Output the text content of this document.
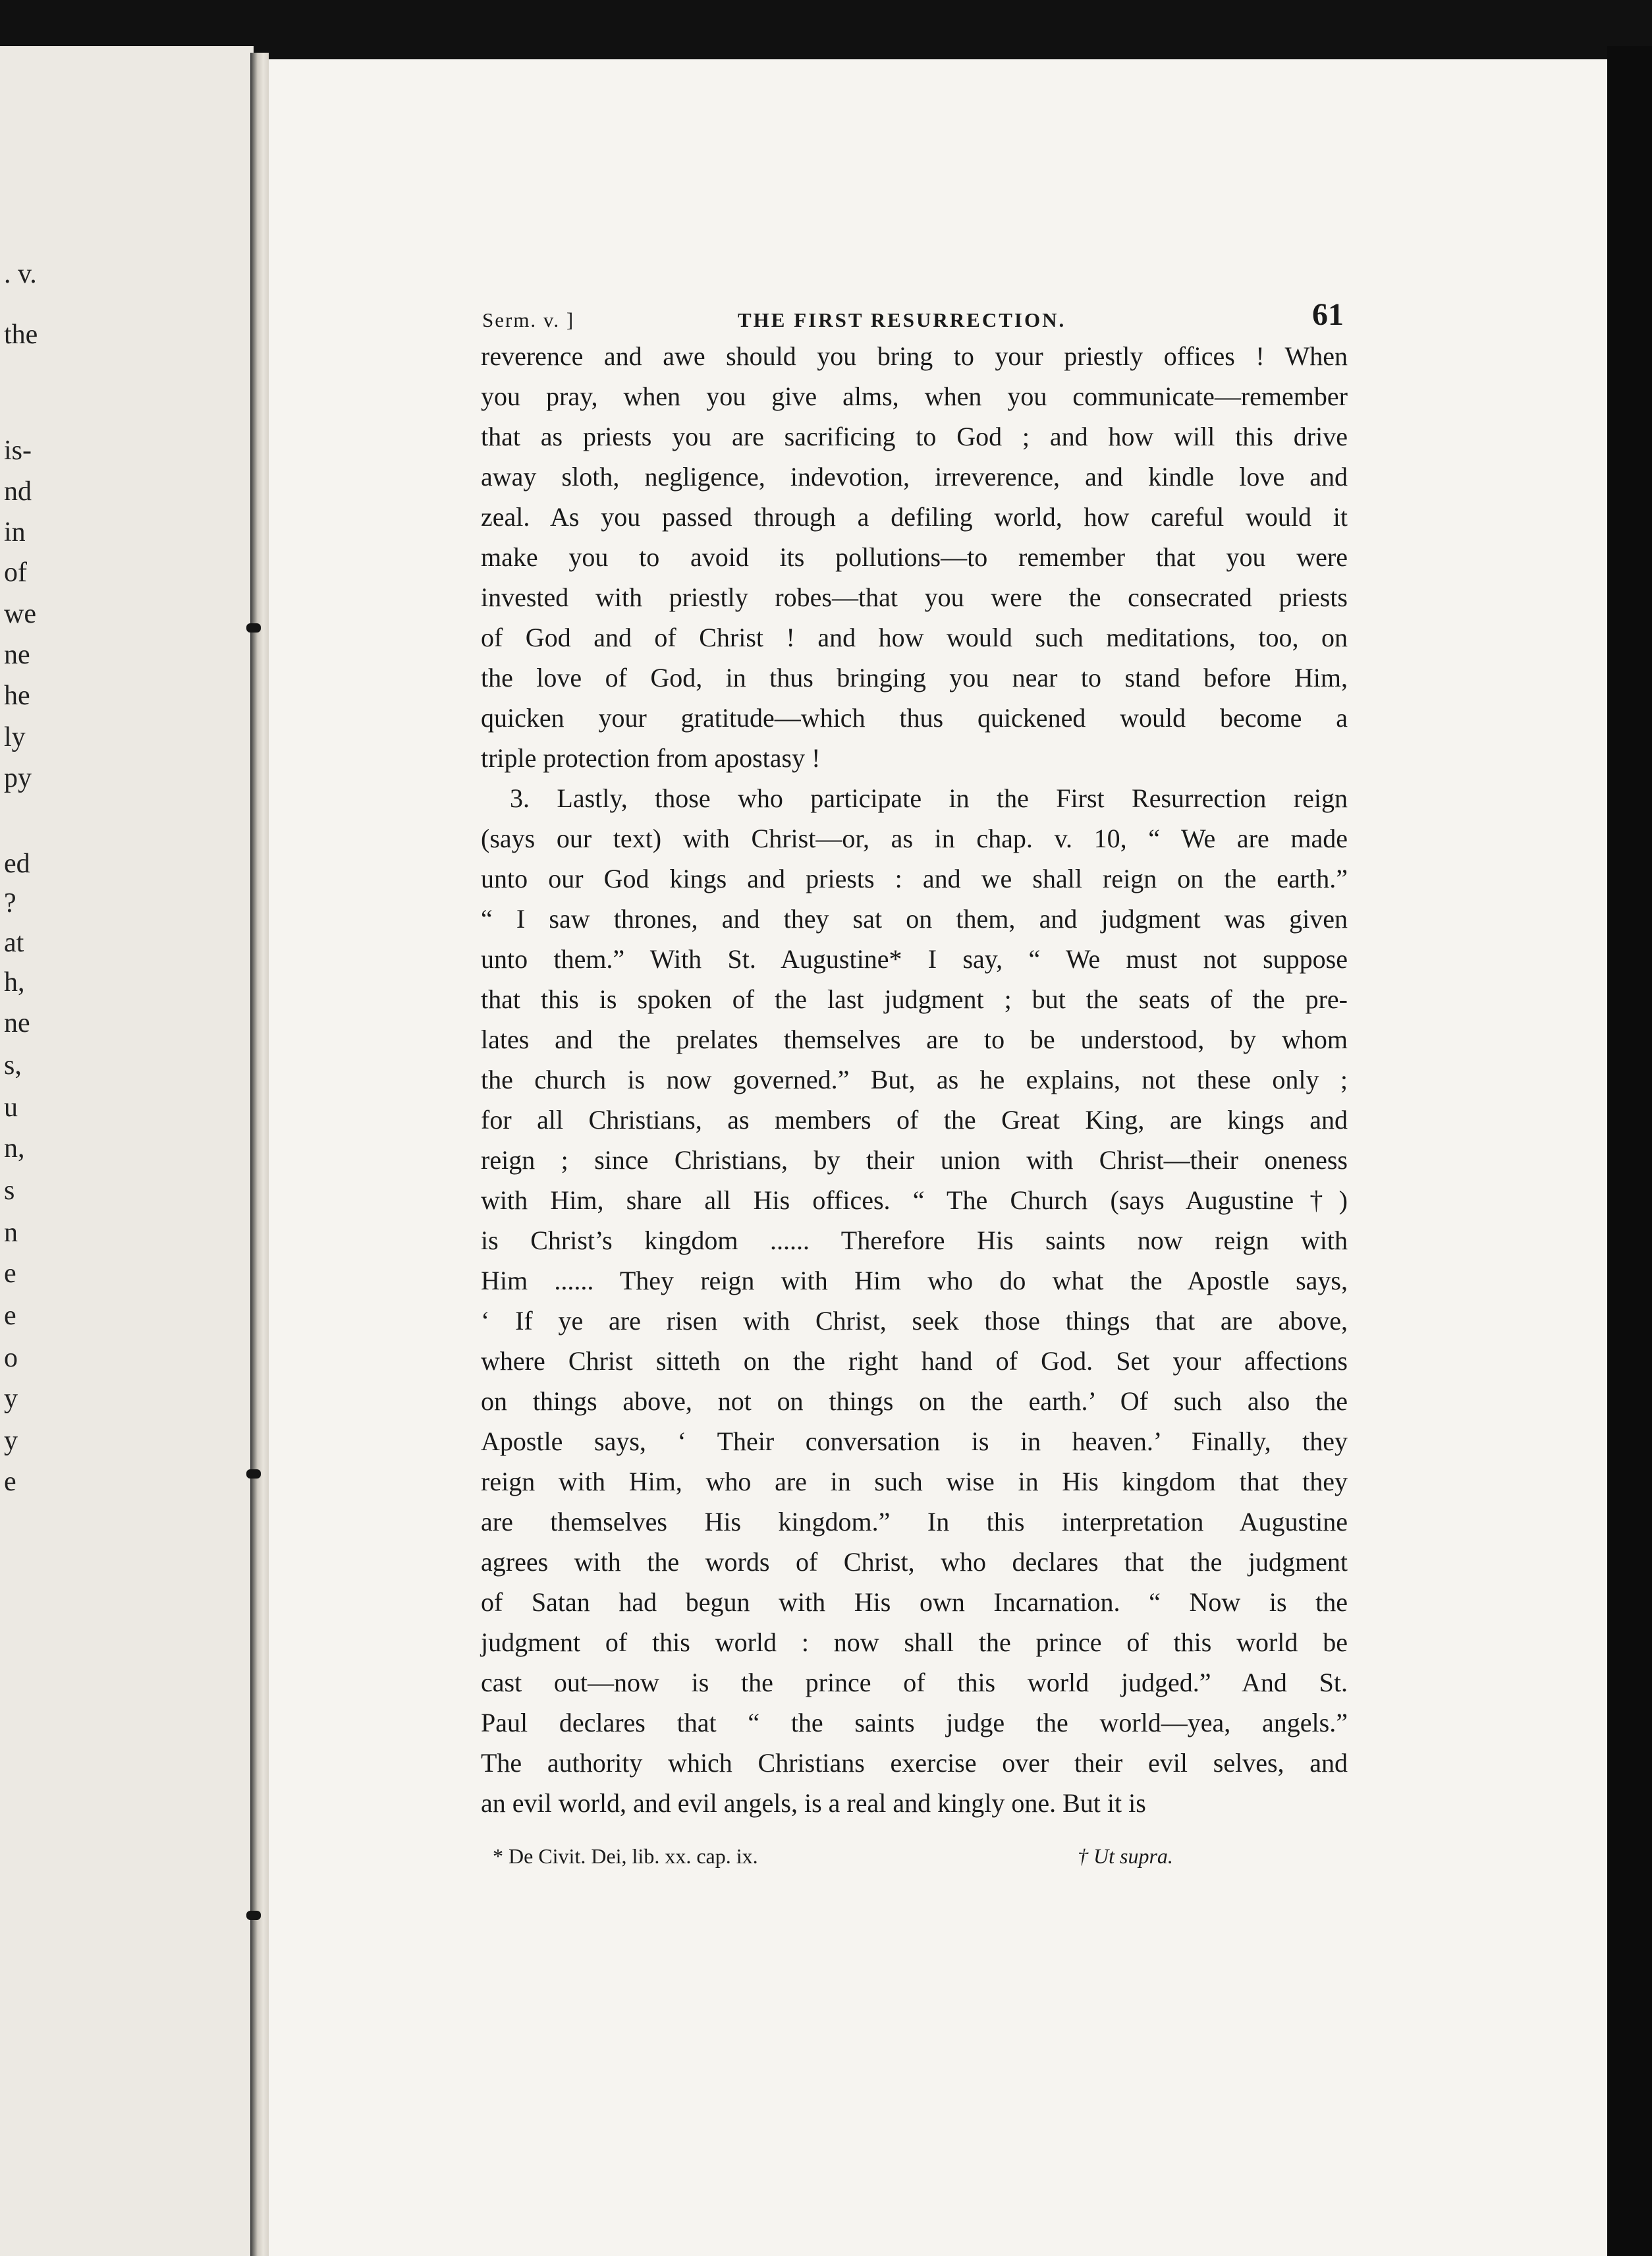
. v.
the
is-
nd
in
of
we
ne
he
ly
py
ed
?
at
h,
ne
s,
u
n,
s
n
e
e
o
y
y
e
Serm. v. ]	THE FIRST RESURRECTION.	61
reverence and awe should you bring to your priestly offices ! When
you pray, when you give alms, when you communicate—remember
that as priests you are sacrificing to God ; and how will this drive
away sloth, negligence, indevotion, irreverence, and kindle love and
zeal. As you passed through a defiling world, how careful would it
make you to avoid its pollutions—to remember that you were
invested with priestly robes—that you were the consecrated priests
of God and of Christ ! and how would such meditations, too, on
the love of God, in thus bringing you near to stand before Him,
quicken your gratitude—which thus quickened would become a
triple protection from apostasy !
3. Lastly, those who participate in the First Resurrection reign
(says our text) with Christ—or, as in chap. v. 10, “ We are made
unto our God kings and priests : and we shall reign on the earth.”
“ I saw thrones, and they sat on them, and judgment was given
unto them.” With St. Augustine* I say, “ We must not suppose
that this is spoken of the last judgment ; but the seats of the pre-
lates and the prelates themselves are to be understood, by whom
the church is now governed.” But, as he explains, not these only ;
for all Christians, as members of the Great King, are kings and
reign ; since Christians, by their union with Christ—their oneness
with Him, share all His offices. “ The Church (says Augustine†)
is Christ’s kingdom ...... Therefore His saints now reign with
Him ...... They reign with Him who do what the Apostle says,
‘ If ye are risen with Christ, seek those things that are above,
where Christ sitteth on the right hand of God. Set your affections
on things above, not on things on the earth.’ Of such also the
Apostle says, ‘ Their conversation is in heaven.’ Finally, they
reign with Him, who are in such wise in His kingdom that they
are themselves His kingdom.” In this interpretation Augustine
agrees with the words of Christ, who declares that the judgment
of Satan had begun with His own Incarnation. “ Now is the
judgment of this world : now shall the prince of this world be
cast out—now is the prince of this world judged.” And St.
Paul declares that “ the saints judge the world—yea, angels.”
The authority which Christians exercise over their evil selves, and
an evil world, and evil angels, is a real and kingly one. But it is
* De Civit. Dei, lib. xx. cap. ix.	† Ut supra.
